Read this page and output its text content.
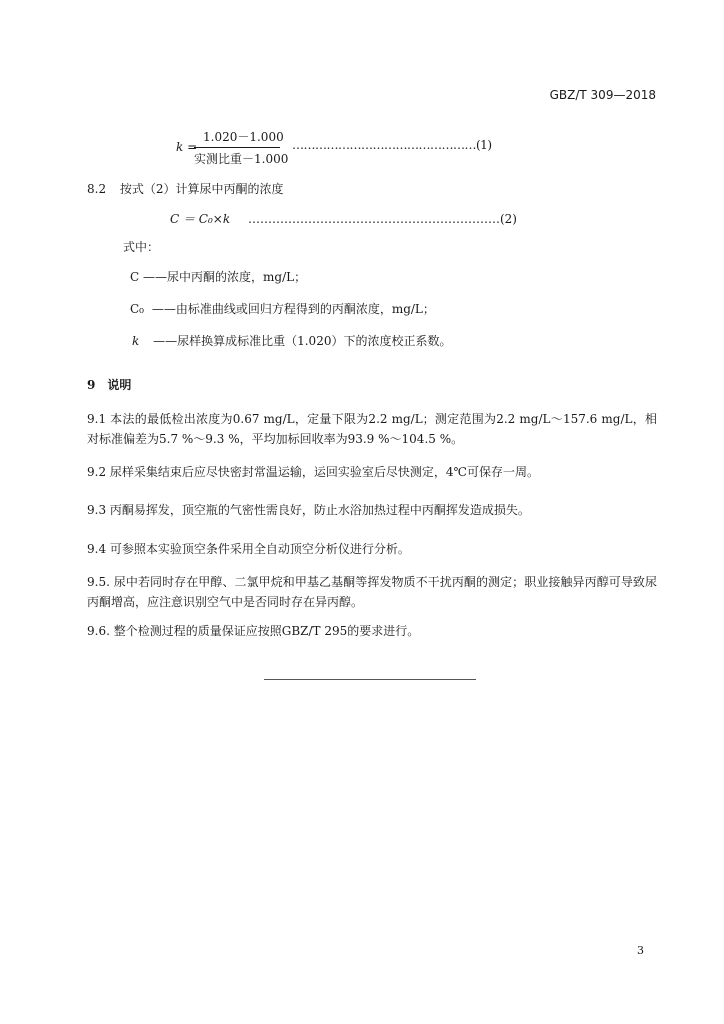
GBZ/T 309—2018
k =
1.020－1.000
实测比重－1.000
…………………………………………(1)
8.2 按式（2）计算尿中丙酮的浓度
C ＝ C₀×k ………………………………………………………(2)
式中：
C ——尿中丙酮的浓度，mg/L；
C₀ ——由标准曲线或回归方程得到的丙酮浓度，mg/L；
k ——尿样换算成标准比重（1.020）下的浓度校正系数。
9　说明
9.1 本法的最低检出浓度为0.67 mg/L，定量下限为2.2 mg/L；测定范围为2.2 mg/L～157.6 mg/L，相对标准偏差为5.7 %～9.3 %，平均加标回收率为93.9 %～104.5 %。
9.2 尿样采集结束后应尽快密封常温运输，运回实验室后尽快测定，4℃可保存一周。
9.3 丙酮易挥发，顶空瓶的气密性需良好，防止水浴加热过程中丙酮挥发造成损失。
9.4 可参照本实验顶空条件采用全自动顶空分析仪进行分析。
9.5. 尿中若同时存在甲醇、二氯甲烷和甲基乙基酮等挥发物质不干扰丙酮的测定；职业接触异丙醇可导致尿丙酮增高，应注意识别空气中是否同时存在异丙醇。
9.6. 整个检测过程的质量保证应按照GBZ/T 295的要求进行。
3
